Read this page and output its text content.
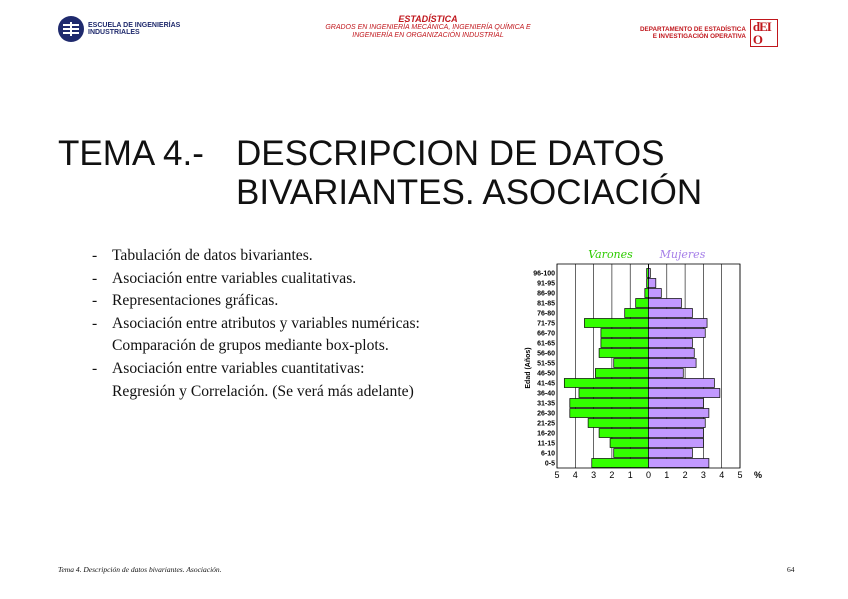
ESCUELA DE INGENIERÍAS
INDUSTRIALES
ESTADÍSTICA
GRADOS EN INGENIERÍA MECÁNICA, INGENIERÍA QUÍMICA E
INGENIERÍA EN ORGANIZACIÓN INDUSTRIAL
DEPARTAMENTO DE ESTADÍSTICA
E INVESTIGACIÓN OPERATIVA
dEIO
TEMA 4.- DESCRIPCION DE DATOS
BIVARIANTES. ASOCIACIÓN
- Tabulación de datos bivariantes.
- Asociación entre variables cualitativas.
- Representaciones gráficas.
- Asociación entre atributos y variables numéricas:
Comparación de grupos mediante box-plots.
- Asociación entre variables cuantitativas:
Regresión y Correlación. (Se verá más adelante)
Varones Mujeres
96-100
91-95
86-90
81-85
76-80
71-75
66-70
61-65
56-60
51-55
46-50
41-45
36-40
31-35
26-30
21-25
16-20
11-15
6-10
0-5
5 4 3 2 1 0 1 2 3 4 5 %
Edad (Años)
Tema 4. Descripción de datos bivariantes. Asociación.	64
